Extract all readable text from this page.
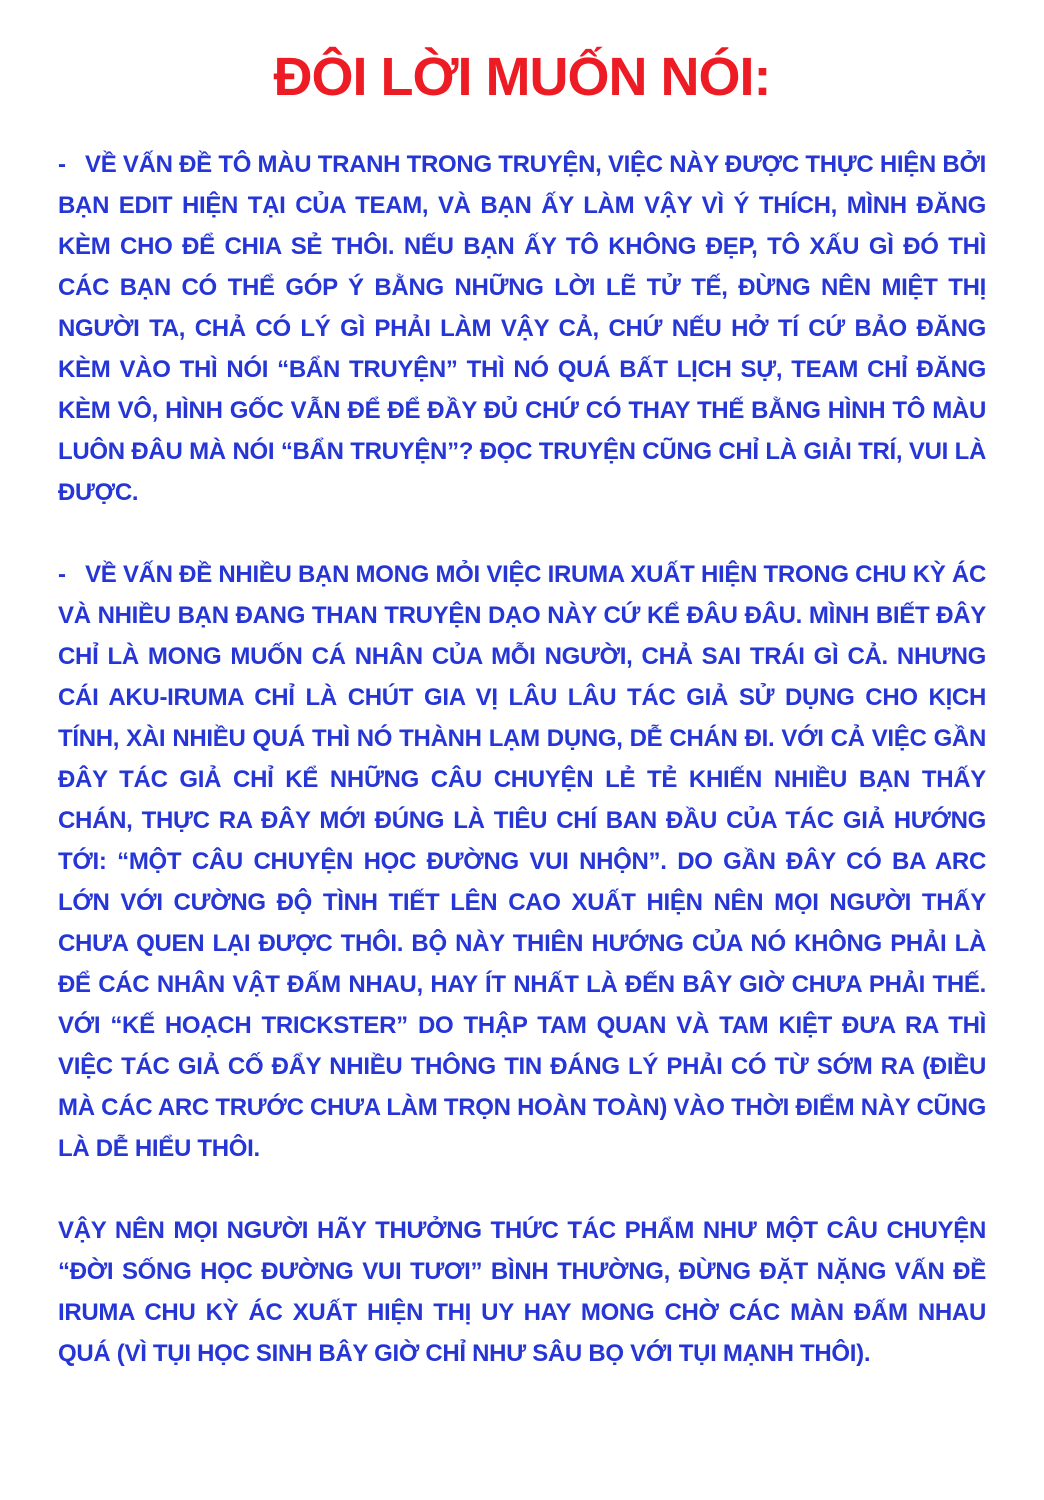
ĐÔI LỜI MUỐN NÓI:

-   VỀ VẤN ĐỀ TÔ MÀU TRANH TRONG TRUYỆN, VIỆC NÀY ĐƯỢC THỰC HIỆN BỞI BẠN EDIT HIỆN TẠI CỦA TEAM, VÀ BẠN ẤY LÀM VẬY VÌ Ý THÍCH, MÌNH ĐĂNG KÈM CHO ĐỂ CHIA SẺ THÔI. NẾU BẠN ẤY TÔ KHÔNG ĐẸP, TÔ XẤU GÌ ĐÓ THÌ CÁC BẠN CÓ THỂ GÓP Ý BẰNG NHỮNG LỜI LẼ TỬ TẾ, ĐỪNG NÊN MIỆT THỊ NGƯỜI TA, CHẢ CÓ LÝ GÌ PHẢI LÀM VẬY CẢ, CHỨ NẾU HỞ TÍ CỨ BẢO ĐĂNG KÈM VÀO THÌ NÓI “BẨN TRUYỆN” THÌ NÓ QUÁ BẤT LỊCH SỰ, TEAM CHỈ ĐĂNG KÈM VÔ, HÌNH GỐC VẪN ĐỂ ĐỂ ĐẦY ĐỦ CHỨ CÓ THAY THẾ BẰNG HÌNH TÔ MÀU LUÔN ĐÂU MÀ NÓI “BẨN TRUYỆN”? ĐỌC TRUYỆN CŨNG CHỈ LÀ GIẢI TRÍ, VUI LÀ ĐƯỢC.

-   VỀ VẤN ĐỀ NHIỀU BẠN MONG MỎI VIỆC IRUMA XUẤT HIỆN TRONG CHU KỲ ÁC VÀ NHIỀU BẠN ĐANG THAN TRUYỆN DẠO NÀY CỨ KỂ ĐÂU ĐÂU. MÌNH BIẾT ĐÂY CHỈ LÀ MONG MUỐN CÁ NHÂN CỦA MỖI NGƯỜI, CHẢ SAI TRÁI GÌ CẢ. NHƯNG CÁI AKU-IRUMA CHỈ LÀ CHÚT GIA VỊ LÂU LÂU TÁC GIẢ SỬ DỤNG CHO KỊCH TÍNH, XÀI NHIỀU QUÁ THÌ NÓ THÀNH LẠM DỤNG, DỄ CHÁN ĐI. VỚI CẢ VIỆC GẦN ĐÂY TÁC GIẢ CHỈ KỂ NHỮNG CÂU CHUYỆN LẺ TẺ KHIẾN NHIỀU BẠN THẤY CHÁN, THỰC RA ĐÂY MỚI ĐÚNG LÀ TIÊU CHÍ BAN ĐẦU CỦA TÁC GIẢ HƯỚNG TỚI: “MỘT CÂU CHUYỆN HỌC ĐƯỜNG VUI NHỘN”. DO GẦN ĐÂY CÓ BA ARC LỚN VỚI CƯỜNG ĐỘ TÌNH TIẾT LÊN CAO XUẤT HIỆN NÊN MỌI NGƯỜI THẤY CHƯA QUEN LẠI ĐƯỢC THÔI. BỘ NÀY THIÊN HƯỚNG CỦA NÓ KHÔNG PHẢI LÀ ĐỂ CÁC NHÂN VẬT ĐẤM NHAU, HAY ÍT NHẤT LÀ ĐẾN BÂY GIỜ CHƯA PHẢI THẾ. VỚI “KẾ HOẠCH TRICKSTER” DO THẬP TAM QUAN VÀ TAM KIỆT ĐƯA RA THÌ VIỆC TÁC GIẢ CỐ ĐẨY NHIỀU THÔNG TIN ĐÁNG LÝ PHẢI CÓ TỪ SỚM RA (ĐIỀU MÀ CÁC ARC TRƯỚC CHƯA LÀM TRỌN HOÀN TOÀN) VÀO THỜI ĐIỂM NÀY CŨNG LÀ DỄ HIỂU THÔI.

VẬY NÊN MỌI NGƯỜI HÃY THƯỞNG THỨC TÁC PHẨM NHƯ MỘT CÂU CHUYỆN “ĐỜI SỐNG HỌC ĐƯỜNG VUI TƯƠI” BÌNH THƯỜNG, ĐỪNG ĐẶT NẶNG VẤN ĐỀ IRUMA CHU KỲ ÁC XUẤT HIỆN THỊ UY HAY MONG CHỜ CÁC MÀN ĐẤM NHAU QUÁ (VÌ TỤI HỌC SINH BÂY GIỜ CHỈ NHƯ SÂU BỌ VỚI TỤI MẠNH THÔI).
